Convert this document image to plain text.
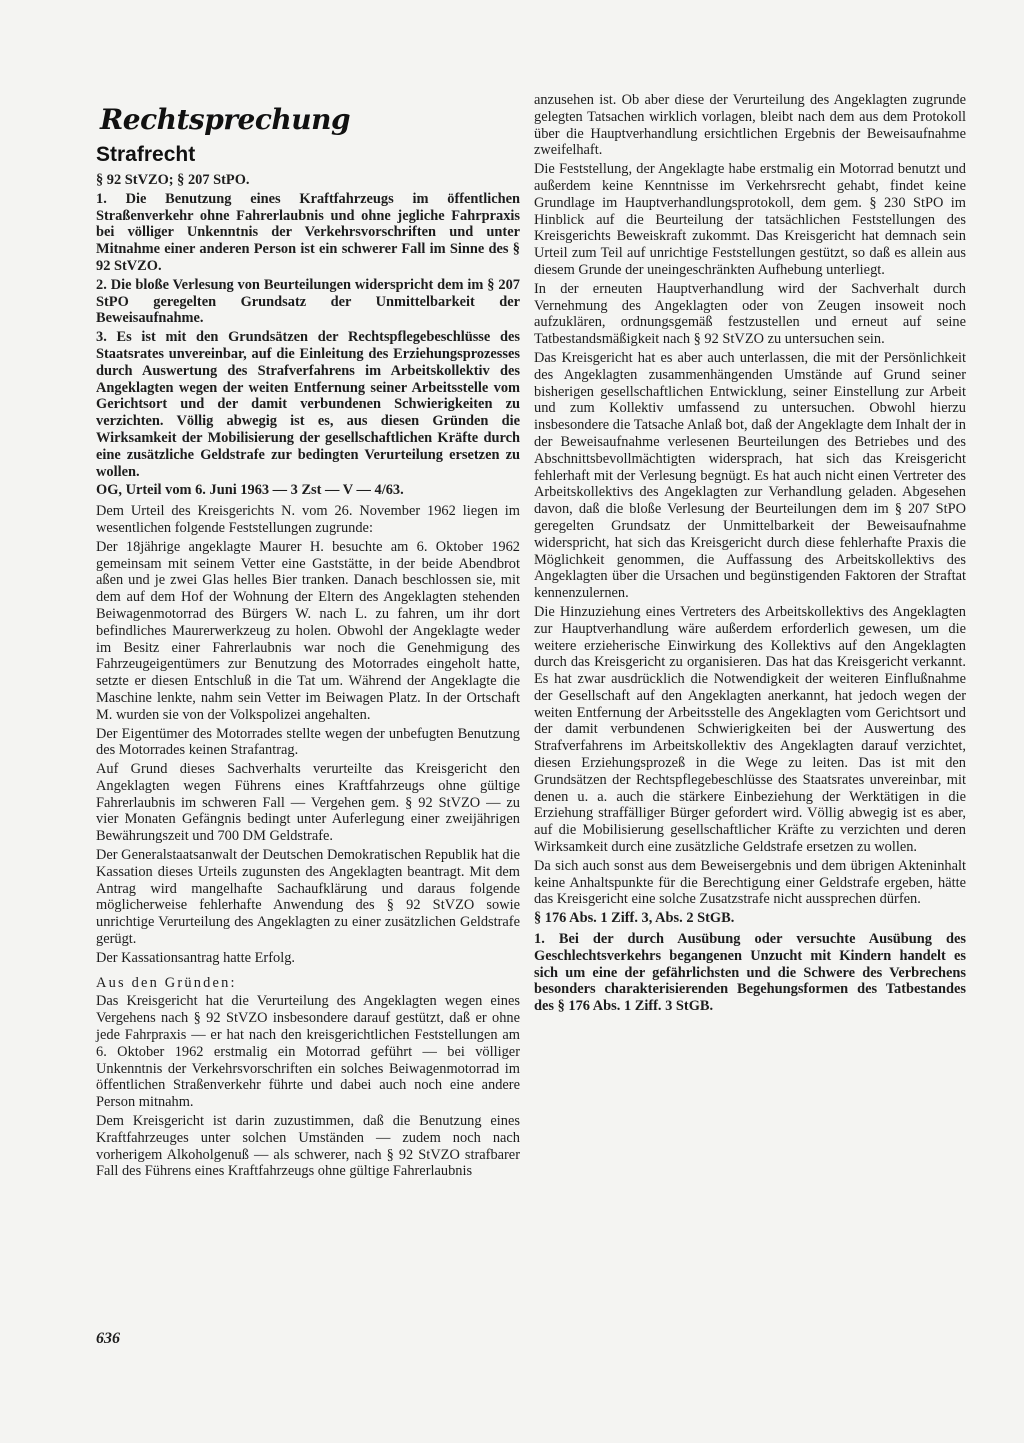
Rechtsprechung
Strafrecht

§ 92 StVZO; § 207 StPO.

1. Die Benutzung eines Kraftfahrzeugs im öffentlichen Straßenverkehr ohne Fahrerlaubnis und ohne jegliche Fahrpraxis bei völliger Unkenntnis der Verkehrsvorschriften und unter Mitnahme einer anderen Person ist ein schwerer Fall im Sinne des § 92 StVZO.

2. Die bloße Verlesung von Beurteilungen widerspricht dem im § 207 StPO geregelten Grundsatz der Unmittelbarkeit der Beweisaufnahme.

3. Es ist mit den Grundsätzen der Rechtspflegebeschlüsse des Staatsrates unvereinbar, auf die Einleitung des Erziehungsprozesses durch Auswertung des Strafverfahrens im Arbeitskollektiv des Angeklagten wegen der weiten Entfernung seiner Arbeitsstelle vom Gerichtsort und der damit verbundenen Schwierigkeiten zu verzichten. Völlig abwegig ist es, aus diesen Gründen die Wirksamkeit der Mobilisierung der gesellschaftlichen Kräfte durch eine zusätzliche Geldstrafe zur bedingten Verurteilung ersetzen zu wollen.

OG, Urteil vom 6. Juni 1963 — 3 Zst — V — 4/63.

Dem Urteil des Kreisgerichts N. vom 26. November 1962 liegen im wesentlichen folgende Feststellungen zugrunde:

Der 18jährige angeklagte Maurer H. besuchte am 6. Oktober 1962 gemeinsam mit seinem Vetter eine Gaststätte, in der beide Abendbrot aßen und je zwei Glas helles Bier tranken. Danach beschlossen sie, mit dem auf dem Hof der Wohnung der Eltern des Angeklagten stehenden Beiwagenmotorrad des Bürgers W. nach L. zu fahren, um ihr dort befindliches Maurerwerkzeug zu holen. Obwohl der Angeklagte weder im Besitz einer Fahrerlaubnis war noch die Genehmigung des Fahrzeugeigentümers zur Benutzung des Motorrades eingeholt hatte, setzte er diesen Entschluß in die Tat um. Während der Angeklagte die Maschine lenkte, nahm sein Vetter im Beiwagen Platz. In der Ortschaft M. wurden sie von der Volkspolizei angehalten.

Der Eigentümer des Motorrades stellte wegen der unbefugten Benutzung des Motorrades keinen Strafantrag.

Auf Grund dieses Sachverhalts verurteilte das Kreisgericht den Angeklagten wegen Führens eines Kraftfahrzeugs ohne gültige Fahrerlaubnis im schweren Fall — Vergehen gem. § 92 StVZO — zu vier Monaten Gefängnis bedingt unter Auferlegung einer zweijährigen Bewährungszeit und 700 DM Geldstrafe.

Der Generalstaatsanwalt der Deutschen Demokratischen Republik hat die Kassation dieses Urteils zugunsten des Angeklagten beantragt. Mit dem Antrag wird mangelhafte Sachaufklärung und daraus folgende möglicherweise fehlerhafte Anwendung des § 92 StVZO sowie unrichtige Verurteilung des Angeklagten zu einer zusätzlichen Geldstrafe gerügt.

Der Kassationsantrag hatte Erfolg.

Aus den Gründen:

Das Kreisgericht hat die Verurteilung des Angeklagten wegen eines Vergehens nach § 92 StVZO insbesondere darauf gestützt, daß er ohne jede Fahrpraxis — er hat nach den kreisgerichtlichen Feststellungen am 6. Oktober 1962 erstmalig ein Motorrad geführt — bei völliger Unkenntnis der Verkehrsvorschriften ein solches Beiwagenmotorrad im öffentlichen Straßenverkehr führte und dabei auch noch eine andere Person mitnahm.

Dem Kreisgericht ist darin zuzustimmen, daß die Benutzung eines Kraftfahrzeuges unter solchen Umständen — zudem noch nach vorherigem Alkoholgenuß — als schwerer, nach § 92 StVZO strafbarer Fall des Führens eines Kraftfahrzeugs ohne gültige Fahrerlaubnis

anzusehen ist. Ob aber diese der Verurteilung des Angeklagten zugrunde gelegten Tatsachen wirklich vorlagen, bleibt nach dem aus dem Protokoll über die Hauptverhandlung ersichtlichen Ergebnis der Beweisaufnahme zweifelhaft.

Die Feststellung, der Angeklagte habe erstmalig ein Motorrad benutzt und außerdem keine Kenntnisse im Verkehrsrecht gehabt, findet keine Grundlage im Hauptverhandlungsprotokoll, dem gem. § 230 StPO im Hinblick auf die Beurteilung der tatsächlichen Feststellungen des Kreisgerichts Beweiskraft zukommt. Das Kreisgericht hat demnach sein Urteil zum Teil auf unrichtige Feststellungen gestützt, so daß es allein aus diesem Grunde der uneingeschränkten Aufhebung unterliegt.

In der erneuten Hauptverhandlung wird der Sachverhalt durch Vernehmung des Angeklagten oder von Zeugen insoweit noch aufzuklären, ordnungsgemäß festzustellen und erneut auf seine Tatbestandsmäßigkeit nach § 92 StVZO zu untersuchen sein.

Das Kreisgericht hat es aber auch unterlassen, die mit der Persönlichkeit des Angeklagten zusammenhängenden Umstände auf Grund seiner bisherigen gesellschaftlichen Entwicklung, seiner Einstellung zur Arbeit und zum Kollektiv umfassend zu untersuchen. Obwohl hierzu insbesondere die Tatsache Anlaß bot, daß der Angeklagte dem Inhalt der in der Beweisaufnahme verlesenen Beurteilungen des Betriebes und des Abschnittsbevollmächtigten widersprach, hat sich das Kreisgericht fehlerhaft mit der Verlesung begnügt. Es hat auch nicht einen Vertreter des Arbeitskollektivs des Angeklagten zur Verhandlung geladen. Abgesehen davon, daß die bloße Verlesung der Beurteilungen dem im § 207 StPO geregelten Grundsatz der Unmittelbarkeit der Beweisaufnahme widerspricht, hat sich das Kreisgericht durch diese fehlerhafte Praxis die Möglichkeit genommen, die Auffassung des Arbeitskollektivs des Angeklagten über die Ursachen und begünstigenden Faktoren der Straftat kennenzulernen.

Die Hinzuziehung eines Vertreters des Arbeitskollektivs des Angeklagten zur Hauptverhandlung wäre außerdem erforderlich gewesen, um die weitere erzieherische Einwirkung des Kollektivs auf den Angeklagten durch das Kreisgericht zu organisieren. Das hat das Kreisgericht verkannt. Es hat zwar ausdrücklich die Notwendigkeit der weiteren Einflußnahme der Gesellschaft auf den Angeklagten anerkannt, hat jedoch wegen der weiten Entfernung der Arbeitsstelle des Angeklagten vom Gerichtsort und der damit verbundenen Schwierigkeiten bei der Auswertung des Strafverfahrens im Arbeitskollektiv des Angeklagten darauf verzichtet, diesen Erziehungsprozeß in die Wege zu leiten. Das ist mit den Grundsätzen der Rechtspflegebeschlüsse des Staatsrates unvereinbar, mit denen u. a. auch die stärkere Einbeziehung der Werktätigen in die Erziehung straffälliger Bürger gefordert wird. Völlig abwegig ist es aber, auf die Mobilisierung gesellschaftlicher Kräfte zu verzichten und deren Wirksamkeit durch eine zusätzliche Geldstrafe ersetzen zu wollen.

Da sich auch sonst aus dem Beweisergebnis und dem übrigen Akteninhalt keine Anhaltspunkte für die Berechtigung einer Geldstrafe ergeben, hätte das Kreisgericht eine solche Zusatzstrafe nicht aussprechen dürfen.

§ 176 Abs. 1 Ziff. 3, Abs. 2 StGB.

1. Bei der durch Ausübung oder versuchte Ausübung des Geschlechtsverkehrs begangenen Unzucht mit Kindern handelt es sich um eine der gefährlichsten und die Schwere des Verbrechens besonders charakterisierenden Begehungsformen des Tatbestandes des § 176 Abs. 1 Ziff. 3 StGB.

636
